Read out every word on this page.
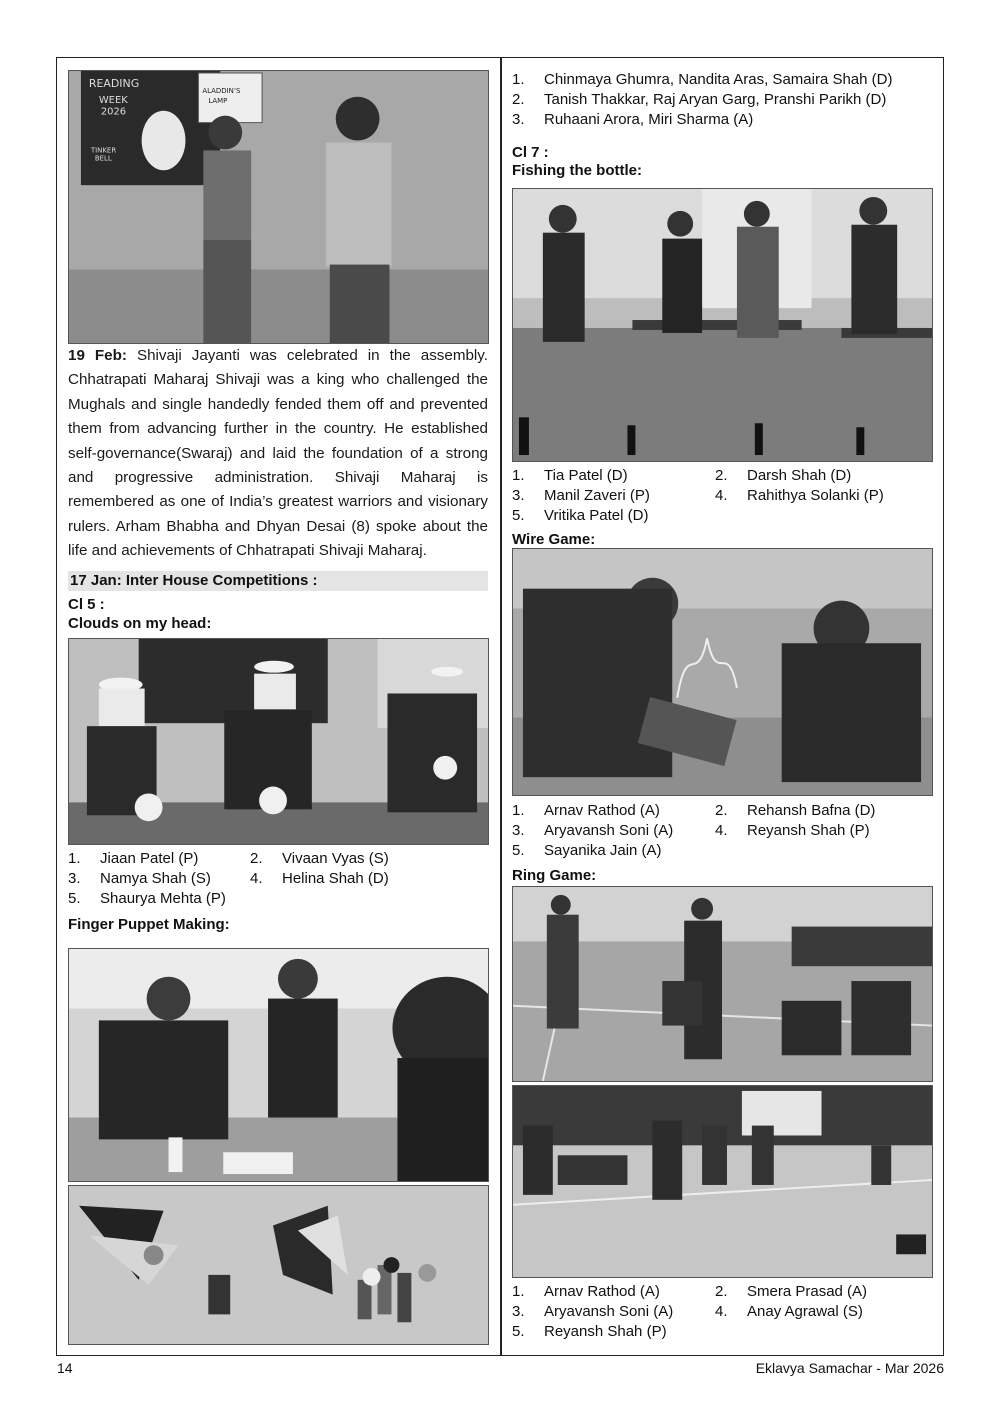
READING
WEEK
2026
TINKER
BELL
ALADDIN’S
LAMP
19 Feb: Shivaji Jayanti was celebrated in the assembly. Chhatrapati Maharaj Shivaji was a king who challenged the Mughals and single handedly fended them off and prevented them from advancing further in the country. He established self-governance(Swaraj) and laid the foundation of a strong and progressive administration. Shivaji Maharaj is remembered as one of India’s greatest warriors and visionary rulers. Arham Bhabha and Dhyan Desai (8) spoke about the life and achievements of Chhatrapati Shivaji Maharaj.
17 Jan: Inter House Competitions :
Cl 5 :
Clouds on my head:
1. Jiaan Patel (P)	2. Vivaan Vyas (S)
3. Namya Shah (S)	4. Helina Shah (D)
5. Shaurya Mehta (P)
Finger Puppet Making:
1. Chinmaya Ghumra, Nandita Aras, Samaira Shah (D)
2. Tanish Thakkar, Raj Aryan Garg, Pranshi Parikh (D)
3. Ruhaani Arora, Miri Sharma (A)
Cl 7 :
Fishing the bottle:
1. Tia Patel (D)	2. Darsh Shah (D)
3. Manil Zaveri (P)	4. Rahithya Solanki (P)
5. Vritika Patel (D)
Wire Game:
1. Arnav Rathod (A)	2. Rehansh Bafna (D)
3. Aryavansh Soni (A)	4. Reyansh Shah (P)
5. Sayanika Jain (A)
Ring Game:
1. Arnav Rathod (A)	2. Smera Prasad (A)
3. Aryavansh Soni (A)	4. Anay Agrawal (S)
5. Reyansh Shah (P)
14	Eklavya Samachar - Mar 2026
